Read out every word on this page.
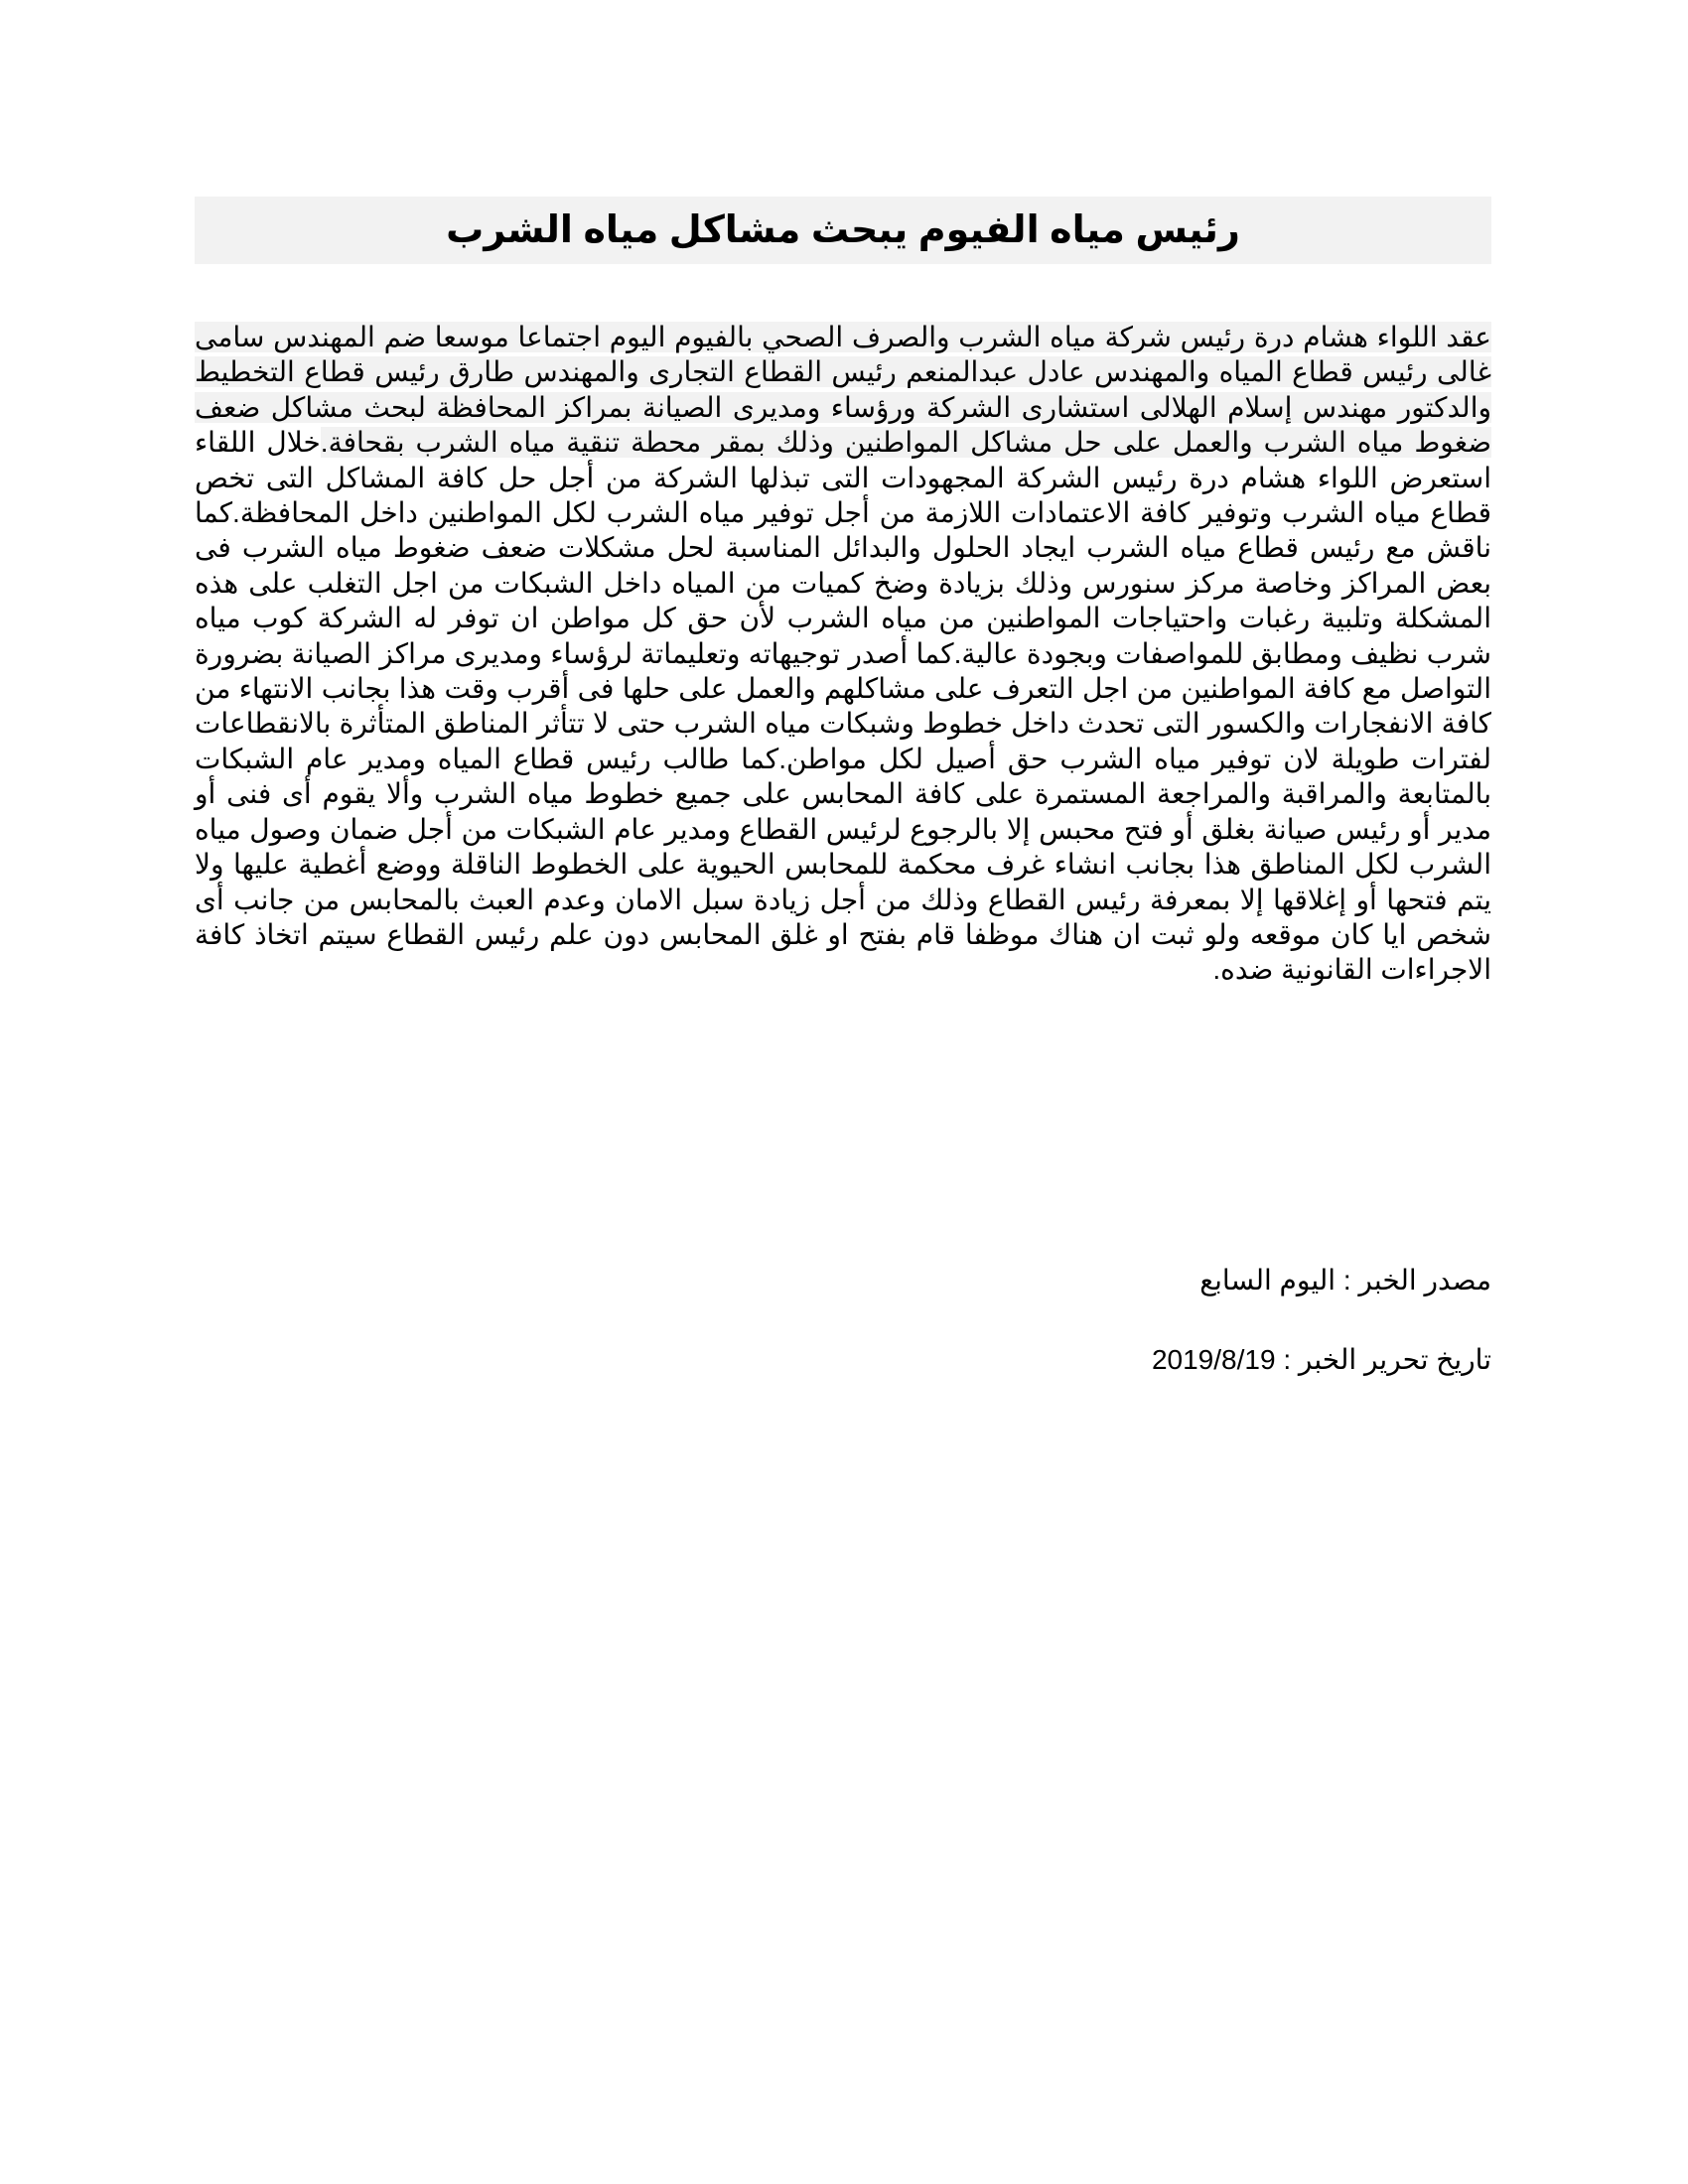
رئيس مياه الفيوم يبحث مشاكل مياه الشرب
عقد اللواء هشام درة رئيس شركة مياه الشرب والصرف الصحي بالفيوم اليوم اجتماعا موسعا ضم المهندس سامى غالى رئيس قطاع المياه والمهندس عادل عبدالمنعم رئيس القطاع التجارى والمهندس طارق رئيس قطاع التخطيط والدكتور مهندس إسلام الهلالى استشارى الشركة ورؤساء ومديرى الصيانة بمراكز المحافظة لبحث مشاكل ضعف ضغوط مياه الشرب والعمل على حل مشاكل المواطنين وذلك بمقر محطة تنقية مياه الشرب بقحافة.خلال اللقاء استعرض اللواء هشام درة رئيس الشركة المجهودات التى تبذلها الشركة من أجل حل كافة المشاكل التى تخص قطاع مياه الشرب وتوفير كافة الاعتمادات اللازمة من أجل توفير مياه الشرب لكل المواطنين داخل المحافظة.كما ناقش مع رئيس قطاع مياه الشرب ايجاد الحلول والبدائل المناسبة لحل مشكلات ضعف ضغوط مياه الشرب فى بعض المراكز وخاصة مركز سنورس وذلك بزيادة وضخ كميات من المياه داخل الشبكات من اجل التغلب على هذه المشكلة وتلبية رغبات واحتياجات المواطنين من مياه الشرب لأن حق كل مواطن ان توفر له الشركة كوب مياه شرب نظيف ومطابق للمواصفات وبجودة عالية.كما أصدر توجيهاته وتعليماتة لرؤساء ومديرى مراكز الصيانة بضرورة التواصل مع كافة المواطنين من اجل التعرف على مشاكلهم والعمل على حلها فى أقرب وقت هذا بجانب الانتهاء من كافة الانفجارات والكسور التى تحدث داخل خطوط وشبكات مياه الشرب حتى لا تتأثر المناطق المتأثرة بالانقطاعات لفترات طويلة لان توفير مياه الشرب حق أصيل لكل مواطن.كما طالب رئيس قطاع المياه ومدير عام الشبكات بالمتابعة والمراقبة والمراجعة المستمرة على كافة المحابس على جميع خطوط مياه الشرب وألا يقوم أى فنى أو مدير أو رئيس صيانة بغلق أو فتح محبس إلا بالرجوع لرئيس القطاع ومدير عام الشبكات من أجل ضمان وصول مياه الشرب لكل المناطق هذا بجانب انشاء غرف محكمة للمحابس الحيوية على الخطوط الناقلة ووضع أغطية عليها ولا يتم فتحها أو إغلاقها إلا بمعرفة رئيس القطاع وذلك من أجل زيادة سبل الامان وعدم العبث بالمحابس من جانب أى شخص ايا كان موقعه ولو ثبت ان هناك موظفا قام بفتح او غلق المحابس دون علم رئيس القطاع سيتم اتخاذ كافة الاجراءات القانونية ضده.
مصدر الخبر : اليوم السابع
تاريخ تحرير الخبر : 2019/8/19
